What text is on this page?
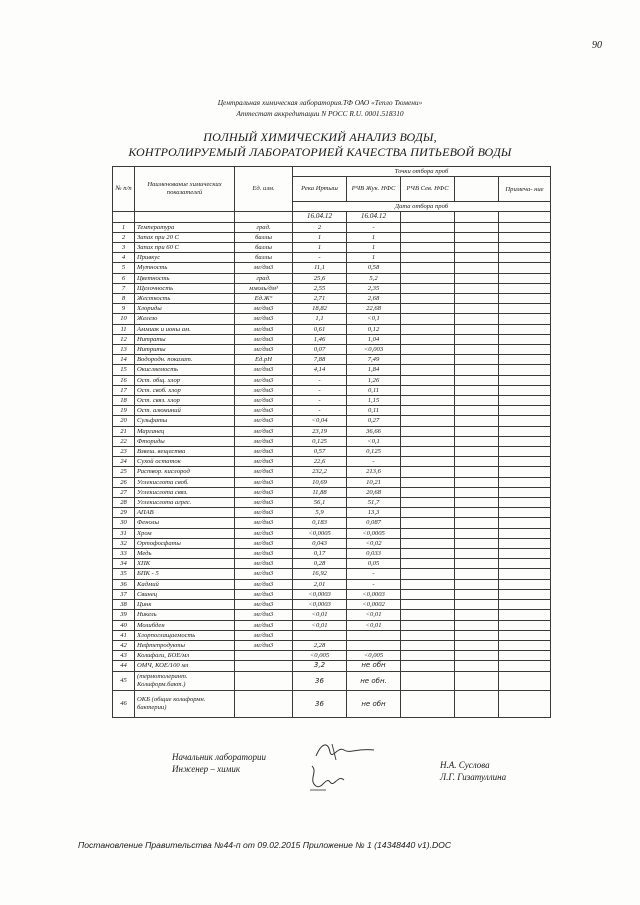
90
Центральная химическая лаборатория.ТФ ОАО «Тепло Тюмени»
Аттестат аккредитации N РОСС R.U. 0001.518310
ПОЛНЫЙ ХИМИЧЕСКИЙ АНАЛИЗ ВОДЫ,
КОНТРОЛИРУЕМЫЙ ЛАБОРАТОРИЕЙ КАЧЕСТВА ПИТЬЕВОЙ ВОДЫ
№ п/п	Наименование химических показателей	Ед. изм.	Точки отбора проб				
			Река Иртыш	РЧВ Жук. НФС	РЧВ Сев. НФС		Примеча- ние
			Дата отбора проб				
			16.04.12	16.04.12			
1	Температура	град.	2	-			
2	Запах при 20 С	баллы	1	1			
3	Запах при 60 С	баллы	1	1			
4	Привкус	баллы	-	1			
5	Мутность	мг/дм3	11,1	0,58			
6	Цветность	град.	25,6	5,2			
7	Щелочность	ммоль/дм³	2,55	2,35			
8	Жесткость	Ед.Ж°	2,71	2,68			
9	Хлориды	мг/дм3	18,82	22,68			
10	Железо	мг/дм3	1,1	<0,1			
11	Аммиак и ионы ам.	мг/дм3	0,61	0,12			
12	Нитраты	мг/дм3	1,46	1,04			
13	Нитриты	мг/дм3	0,07	<0,003			
14	Водородн. показат.	Ед.pH	7,88	7,49			
15	Окисляемость	мг/дм3	4,14	1,84			
16	Ост. общ. хлор	мг/дм3	-	1,26			
17	Ост. своб. хлор	мг/дм3	-	0,11			
18	Ост. связ. хлор	мг/дм3	-	1,15			
19	Ост. алюминий	мг/дм3	-	0,11			
20	Сульфаты	мг/дм3	<0,04	0,27			
21	Марганец	мг/дм3	23,19	36,66			
22	Фториды	мг/дм3	0,125	<0,1			
23	Взвеш. вещества	мг/дм3	0,57	0,125			
24	Сухой остаток	мг/дм3	22,6	-			
25	Раствор. кислород	мг/дм3	232,2	213,6			
26	Углекислота своб.	мг/дм3	10,69	10,21			
27	Углекислота связ.	мг/дм3	11,88	20,68			
28	Углекислота агрес.	мг/дм3	56,1	51,7			
29	АПАВ	мг/дм3	5,9	13,3			
30	Фенолы	мг/дм3	0,183	0,087			
31	Хром	мг/дм3	<0,0005	<0,0005			
32	Ортофосфаты	мг/дм3	0,043	<0,02			
33	Медь	мг/дм3	0,17	0,033			
34	ХПК	мг/дм3	0,28	0,05			
35	БПК - 5	мг/дм3	16,92	-			
36	Кадмий	мг/дм3	2,01	-			
37	Свинец	мг/дм3	<0,0003	<0,0003			
38	Цинк	мг/дм3	<0,0003	<0,0002			
39	Никель	мг/дм3	<0,01	<0,01			
40	Молибден	мг/дм3	<0,01	<0,01			
41	Хлорпоглащаемость	мг/дм3					
42	Нефтепродукты	мг/дм3	2,28				
43	Колифаги, БОЕ/мл		<0,005	<0,005			
44	ОМЧ, КОЕ/100 мл		3,2	не обн			
45	(термотолерант. Колиформ.бакт.)		36	не обн.			
46	ОКБ (общие колиформн. бактерии)		36	не обн			
Начальник лаборатории
Инженер – химик	Н.А. Суслова
Л.Г. Гизатуллина
Постановление Правительства №44-п от 09.02.2015 Приложение № 1 (14348440 v1).DOC
